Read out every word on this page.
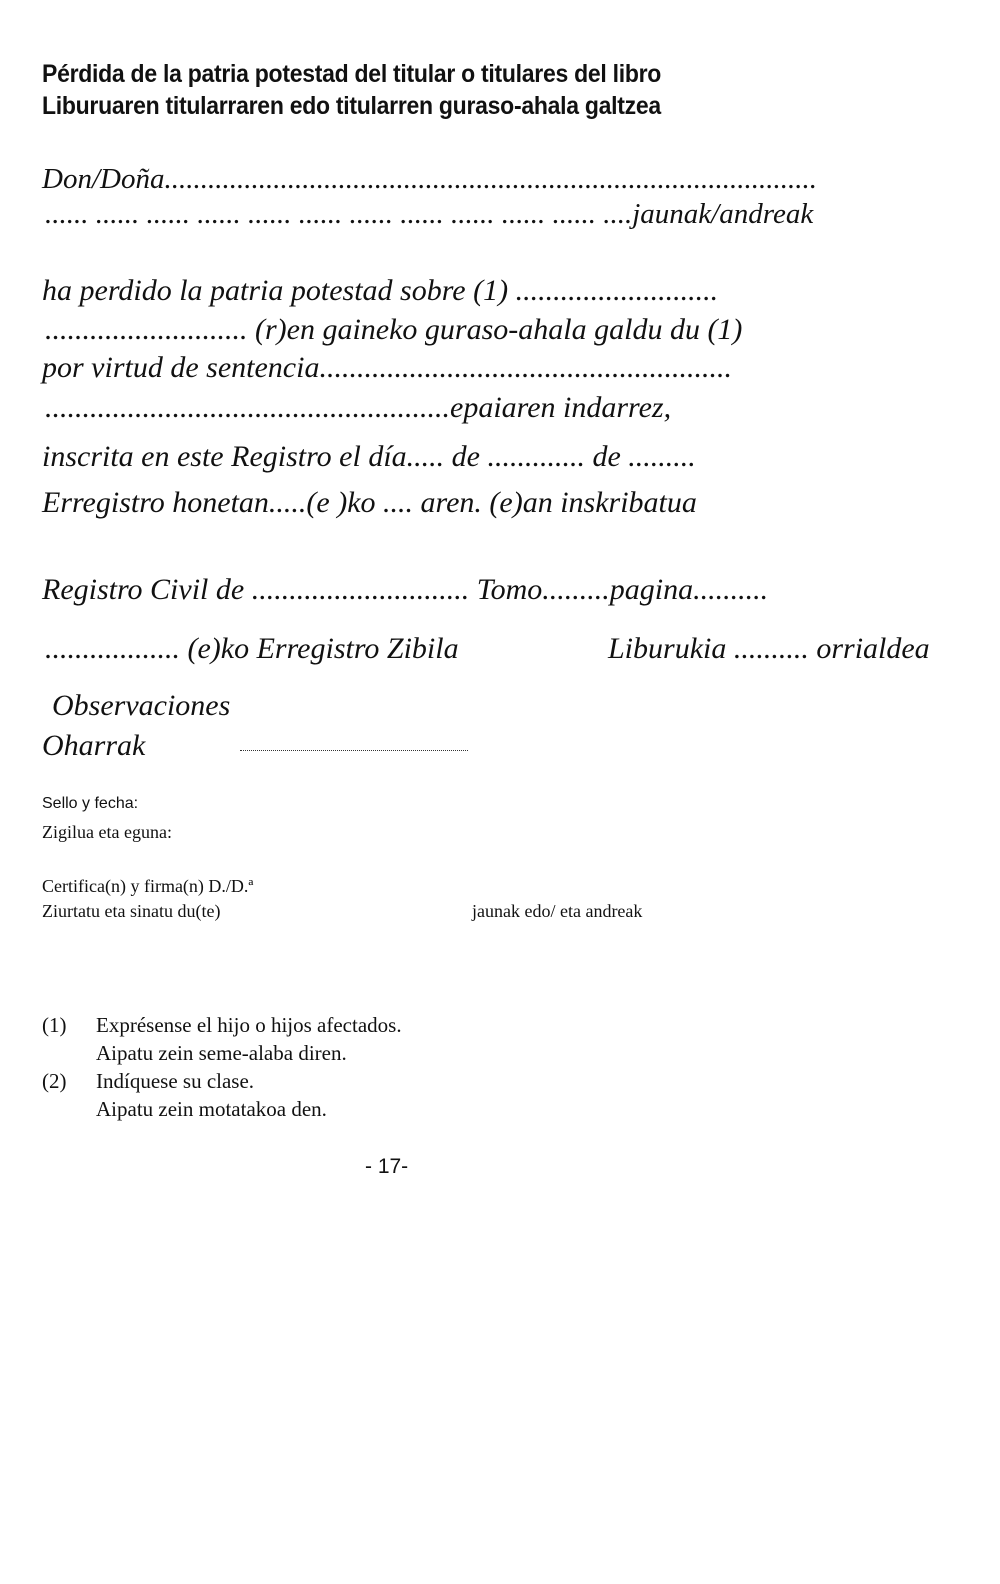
Pérdida de la patria potestad del titular o titulares del libro
Liburuaren titularraren edo titularren guraso-ahala galtzea
Don/Doña..........................................................................................
...... ...... ...... ...... ...... ...... ...... ...... ...... ...... ...... ....jaunak/andreak
ha perdido la patria potestad sobre (1) ...........................
........................... (r)en gaineko guraso-ahala galdu du (1)
por virtud de sentencia.......................................................
......................................................epaiaren indarrez,
inscrita en este Registro el día..... de ............. de .........
Erregistro honetan.....(e )ko .... aren. (e)an inskribatua
Registro Civil de ............................. Tomo.........pagina..........
.................. (e)ko Erregistro Zibila	Liburukia .......... orrialdea
Observaciones
Oharrak
Sello y fecha:
Zigilua eta eguna:
Certifica(n) y firma(n) D./D.ª
Ziurtatu eta sinatu du(te)	jaunak edo/ eta andreak
(1) Exprésense el hijo o hijos afectados.
Aipatu zein seme-alaba diren.
(2) Indíquese su clase.
Aipatu zein motatakoa den.
- 17-
